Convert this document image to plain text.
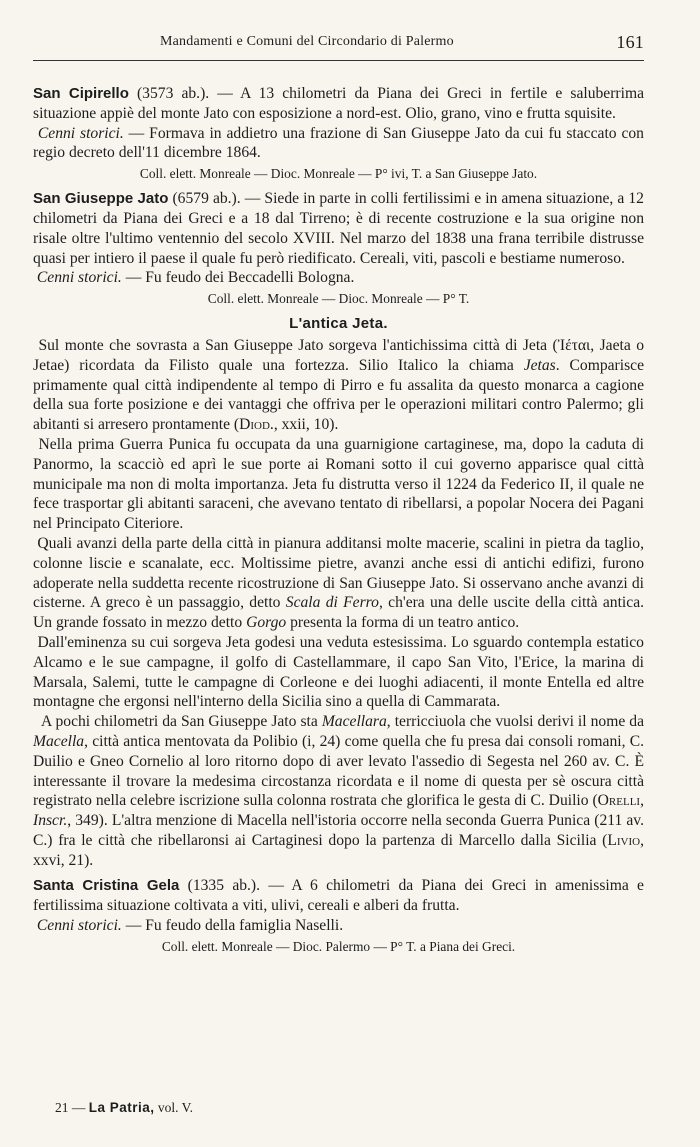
Mandamenti e Comuni del Circondario di Palermo	161

San Cipirello (3573 ab.). — A 13 chilometri da Piana dei Greci in fertile e saluberrima situazione appiè del monte Jato con esposizione a nord-est. Olio, grano, vino e frutta squisite.

Cenni storici. — Formava in addietro una frazione di San Giuseppe Jato da cui fu staccato con regio decreto dell'11 dicembre 1864.

Coll. elett. Monreale — Dioc. Monreale — P° ivi, T. a San Giuseppe Jato.

San Giuseppe Jato (6579 ab.). — Siede in parte in colli fertilissimi e in amena situazione, a 12 chilometri da Piana dei Greci e a 18 dal Tirreno; è di recente costruzione e la sua origine non risale oltre l'ultimo ventennio del secolo XVIII. Nel marzo del 1838 una frana terribile distrusse quasi per intiero il paese il quale fu però riedificato. Cereali, viti, pascoli e bestiame numeroso.

Cenni storici. — Fu feudo dei Beccadelli Bologna.

Coll. elett. Monreale — Dioc. Monreale — P° T.
L'antica Jeta.

Sul monte che sovrasta a San Giuseppe Jato sorgeva l'antichissima città di Jeta (Ἰέται, Jaeta o Jetae) ricordata da Filisto quale una fortezza. Silio Italico la chiama Jetas. Comparisce primamente qual città indipendente al tempo di Pirro e fu assalita da questo monarca a cagione della sua forte posizione e dei vantaggi che offriva per le operazioni militari contro Palermo; gli abitanti si arresero prontamente (Diod., xxii, 10).

Nella prima Guerra Punica fu occupata da una guarnigione cartaginese, ma, dopo la caduta di Panormo, la scacciò ed aprì le sue porte ai Romani sotto il cui governo apparisce qual città municipale ma non di molta importanza. Jeta fu distrutta verso il 1224 da Federico II, il quale ne fece trasportar gli abitanti saraceni, che avevano tentato di ribellarsi, a popolar Nocera dei Pagani nel Principato Citeriore.

Quali avanzi della parte della città in pianura additansi molte macerie, scalini in pietra da taglio, colonne liscie e scanalate, ecc. Moltissime pietre, avanzi anche essi di antichi edifizi, furono adoperate nella suddetta recente ricostruzione di San Giuseppe Jato. Si osservano anche avanzi di cisterne. A greco è un passaggio, detto Scala di Ferro, ch'era una delle uscite della città antica. Un grande fossato in mezzo detto Gorgo presenta la forma di un teatro antico.

Dall'eminenza su cui sorgeva Jeta godesi una veduta estesissima. Lo sguardo contempla estatico Alcamo e le sue campagne, il golfo di Castellammare, il capo San Vito, l'Erice, la marina di Marsala, Salemi, tutte le campagne di Corleone e dei luoghi adiacenti, il monte Entella ed altre montagne che ergonsi nell'interno della Sicilia sino a quella di Cammarata.

A pochi chilometri da San Giuseppe Jato sta Macellara, terricciuola che vuolsi derivi il nome da Macella, città antica mentovata da Polibio (i, 24) come quella che fu presa dai consoli romani, C. Duilio e Gneo Cornelio al loro ritorno dopo di aver levato l'assedio di Segesta nel 260 av. C. È interessante il trovare la medesima circostanza ricordata e il nome di questa per sè oscura città registrato nella celebre iscrizione sulla colonna rostrata che glorifica le gesta di C. Duilio (Orelli, Inscr., 349). L'altra menzione di Macella nell'istoria occorre nella seconda Guerra Punica (211 av. C.) fra le città che ribellaronsi ai Cartaginesi dopo la partenza di Marcello dalla Sicilia (Livio, xxvi, 21).

Santa Cristina Gela (1335 ab.). — A 6 chilometri da Piana dei Greci in amenissima e fertilissima situazione coltivata a viti, ulivi, cereali e alberi da frutta.

Cenni storici. — Fu feudo della famiglia Naselli.

Coll. elett. Monreale — Dioc. Palermo — P° T. a Piana dei Greci.
21 — La Patria, vol. V.
